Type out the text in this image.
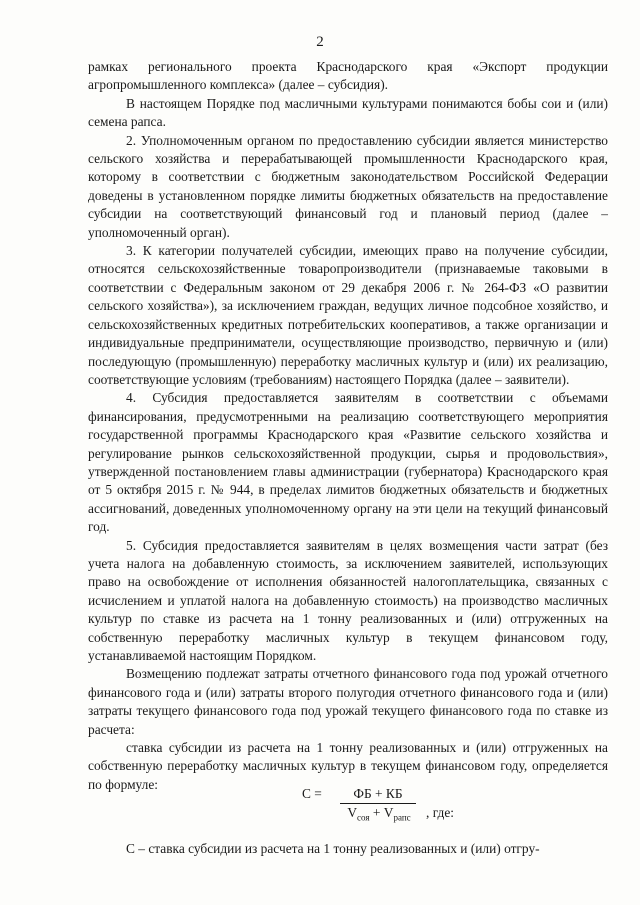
2

рамках регионального проекта Краснодарского края «Экспорт продукции агропромышленного комплекса» (далее – субсидия).

В настоящем Порядке под масличными культурами понимаются бобы сои и (или) семена рапса.

2. Уполномоченным органом по предоставлению субсидии является министерство сельского хозяйства и перерабатывающей промышленности Краснодарского края, которому в соответствии с бюджетным законодательством Российской Федерации доведены в установленном порядке лимиты бюджетных обязательств на предоставление субсидии на соответствующий финансовый год и плановый период (далее – уполномоченный орган).

3. К категории получателей субсидии, имеющих право на получение субсидии, относятся сельскохозяйственные товаропроизводители (признаваемые таковыми в соответствии с Федеральным законом от 29 декабря 2006 г. № 264-ФЗ «О развитии сельского хозяйства»), за исключением граждан, ведущих личное подсобное хозяйство, и сельскохозяйственных кредитных потребительских кооперативов, а также организации и индивидуальные предприниматели, осуществляющие производство, первичную и (или) последующую (промышленную) переработку масличных культур и (или) их реализацию, соответствующие условиям (требованиям) настоящего Порядка (далее – заявители).

4. Субсидия предоставляется заявителям в соответствии с объемами финансирования, предусмотренными на реализацию соответствующего мероприятия государственной программы Краснодарского края «Развитие сельского хозяйства и регулирование рынков сельскохозяйственной продукции, сырья и продовольствия», утвержденной постановлением главы администрации (губернатора) Краснодарского края от 5 октября 2015 г. № 944, в пределах лимитов бюджетных обязательств и бюджетных ассигнований, доведенных уполномоченному органу на эти цели на текущий финансовый год.

5. Субсидия предоставляется заявителям в целях возмещения части затрат (без учета налога на добавленную стоимость, за исключением заявителей, использующих право на освобождение от исполнения обязанностей налогоплательщика, связанных с исчислением и уплатой налога на добавленную стоимость) на производство масличных культур по ставке из расчета на 1 тонну реализованных и (или) отгруженных на собственную переработку масличных культур в текущем финансовом году, устанавливаемой настоящим Порядком.

Возмещению подлежат затраты отчетного финансового года под урожай отчетного финансового года и (или) затраты второго полугодия отчетного финансового года и (или) затраты текущего финансового года под урожай текущего финансового года по ставке из расчета:

ставка субсидии из расчета на 1 тонну реализованных и (или) отгруженных на собственную переработку масличных культур в текущем финансовом году, определяется по формуле:

С =	ФБ + КБ
$V_{соя} + V_{рапс}$	, где:
С – ставка субсидии из расчета на 1 тонну реализованных и (или) отгру-
